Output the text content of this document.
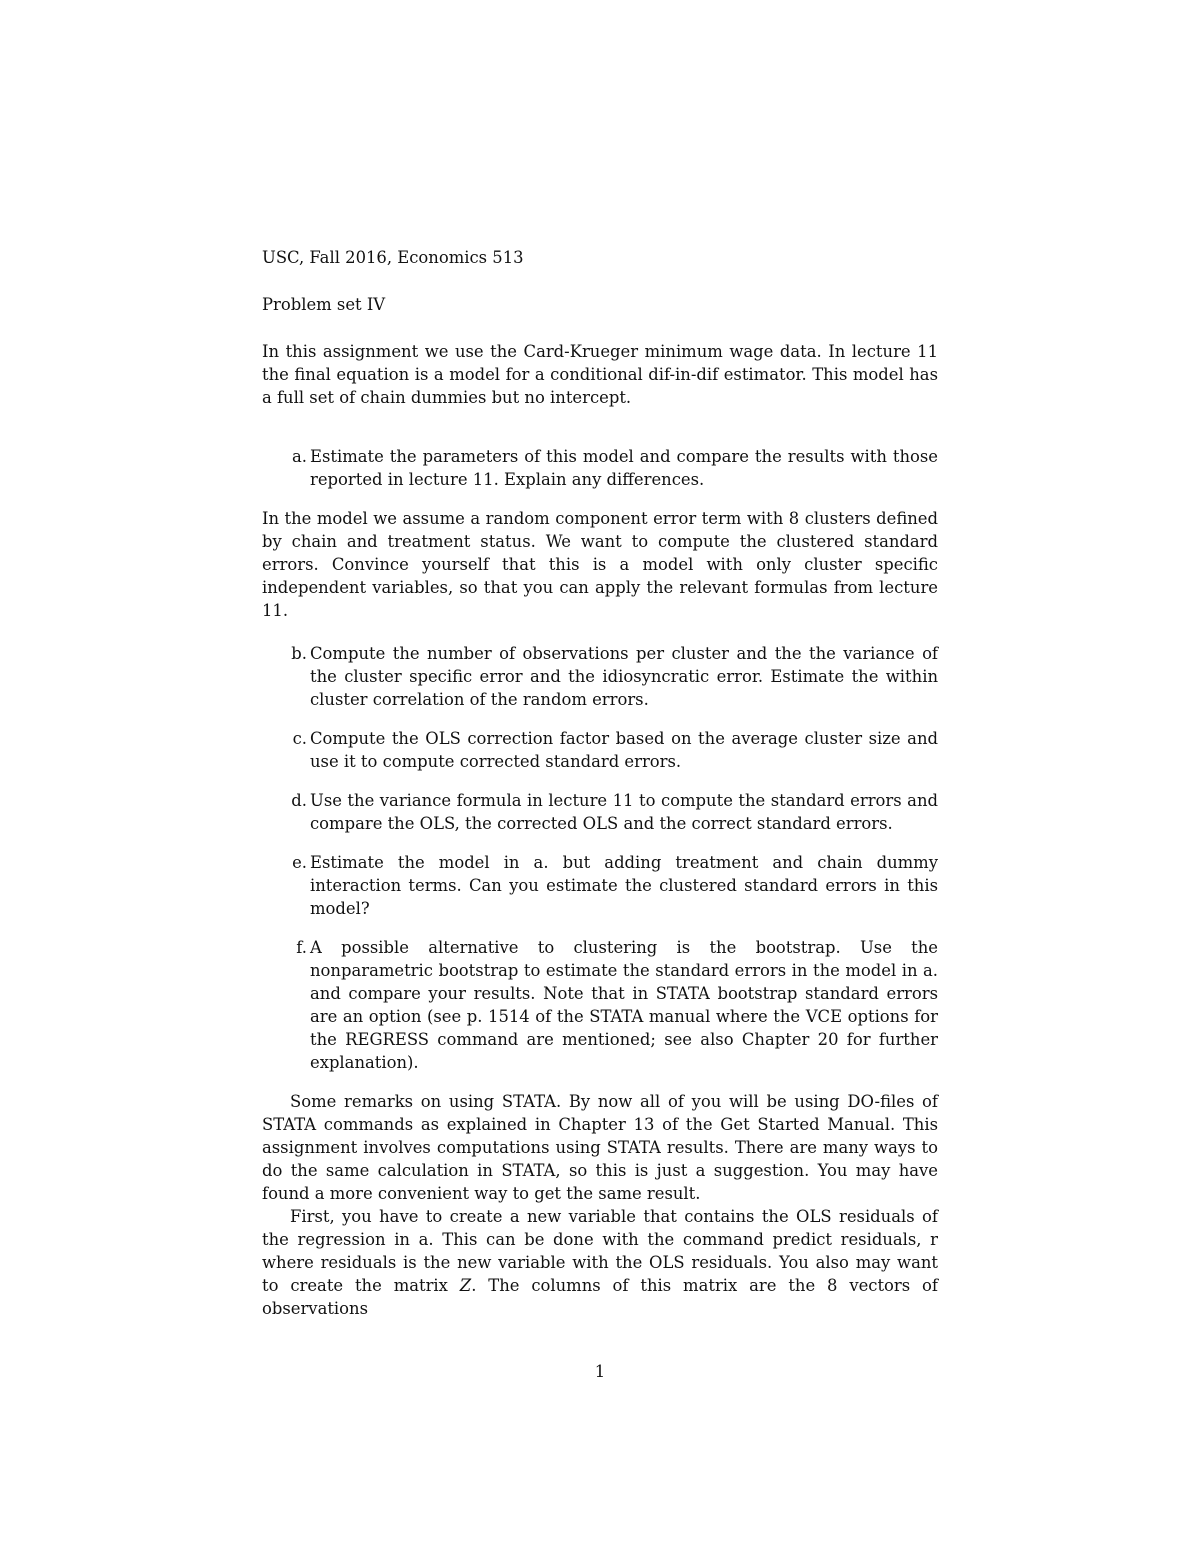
USC, Fall 2016, Economics 513

Problem set IV

In this assignment we use the Card-Krueger minimum wage data. In lecture 11 the final equation is a model for a conditional dif-in-dif estimator. This model has a full set of chain dummies but no intercept.

a. Estimate the parameters of this model and compare the results with those reported in lecture 11. Explain any differences.

In the model we assume a random component error term with 8 clusters defined by chain and treatment status. We want to compute the clustered standard errors. Convince yourself that this is a model with only cluster specific independent variables, so that you can apply the relevant formulas from lecture 11.

b. Compute the number of observations per cluster and the the variance of the cluster specific error and the idiosyncratic error. Estimate the within cluster correlation of the random errors.
c. Compute the OLS correction factor based on the average cluster size and use it to compute corrected standard errors.
d. Use the variance formula in lecture 11 to compute the standard errors and compare the OLS, the corrected OLS and the correct standard errors.
e. Estimate the model in a. but adding treatment and chain dummy interaction terms. Can you estimate the clustered standard errors in this model?
f. A possible alternative to clustering is the bootstrap. Use the nonparametric bootstrap to estimate the standard errors in the model in a. and compare your results. Note that in STATA bootstrap standard errors are an option (see p. 1514 of the STATA manual where the VCE options for the REGRESS command are mentioned; see also Chapter 20 for further explanation).

Some remarks on using STATA. By now all of you will be using DO-files of STATA commands as explained in Chapter 13 of the Get Started Manual. This assignment involves computations using STATA results. There are many ways to do the same calculation in STATA, so this is just a suggestion. You may have found a more convenient way to get the same result.

First, you have to create a new variable that contains the OLS residuals of the regression in a. This can be done with the command predict residuals, r where residuals is the new variable with the OLS residuals. You also may want to create the matrix Z. The columns of this matrix are the 8 vectors of observations

1
